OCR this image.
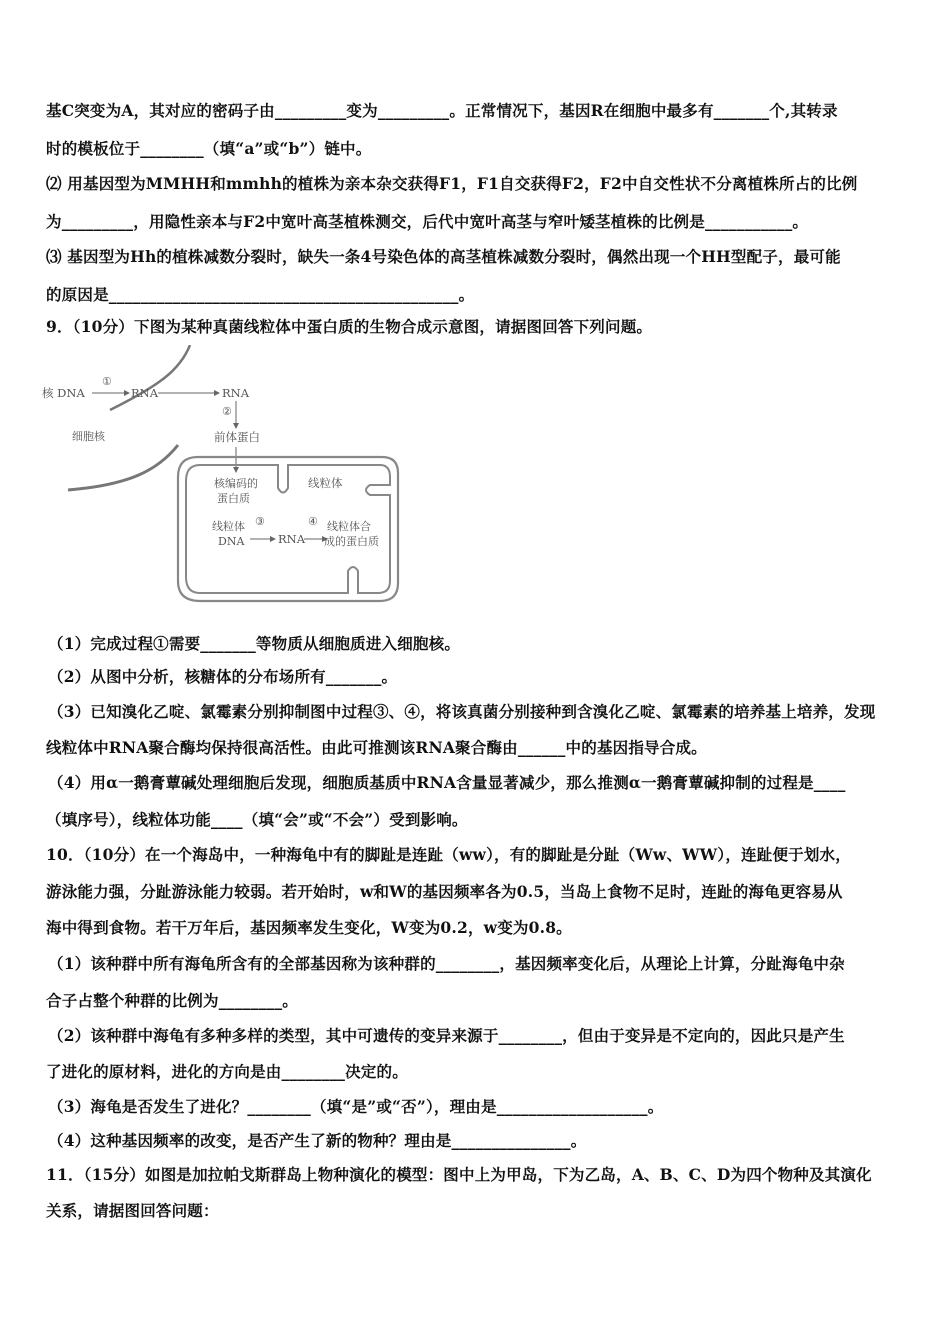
基C突变为A，其对应的密码子由_________变为_________。正常情况下，基因R在细胞中最多有_______个,其转录
时的模板位于________（填“a”或“b”）链中。
⑵ 用基因型为MMHH和mmhh的植株为亲本杂交获得F1，F1自交获得F2，F2中自交性状不分离植株所占的比例
为_________，用隐性亲本与F2中宽叶高茎植株测交，后代中宽叶高茎与窄叶矮茎植株的比例是___________。
⑶ 基因型为Hh的植株减数分裂时，缺失一条4号染色体的高茎植株减数分裂时，偶然出现一个HH型配子，最可能
的原因是____________________________________________。
9．（10分）下图为某种真菌线粒体中蛋白质的生物合成示意图，请据图回答下列问题。
核 DNA
①
RNA	RNA
②
前体蛋白
细胞核
核编码的
蛋白质
线粒体
线粒体
DNA
③
RNA
④ 线粒体合
成的蛋白质
（1）完成过程①需要_______等物质从细胞质进入细胞核。
（2）从图中分析，核糖体的分布场所有_______。
（3）已知溴化乙啶、氯霉素分别抑制图中过程③、④，将该真菌分别接种到含溴化乙啶、氯霉素的培养基上培养，发现
线粒体中RNA聚合酶均保持很高活性。由此可推测该RNA聚合酶由______中的基因指导合成。
（4）用α一鹅膏蕈碱处理细胞后发现，细胞质基质中RNA含量显著减少，那么推测α一鹅膏蕈碱抑制的过程是____
（填序号），线粒体功能____（填“会”或“不会”）受到影响。
10．（10分）在一个海岛中，一种海龟中有的脚趾是连趾（ww），有的脚趾是分趾（Ww、WW），连趾便于划水，
游泳能力强，分趾游泳能力较弱。若开始时，w和W的基因频率各为0.5，当岛上食物不足时，连趾的海龟更容易从
海中得到食物。若干万年后，基因频率发生变化，W变为0.2，w变为0.8。
（1）该种群中所有海龟所含有的全部基因称为该种群的________，基因频率变化后，从理论上计算，分趾海龟中杂
合子占整个种群的比例为________。
（2）该种群中海龟有多种多样的类型，其中可遗传的变异来源于________，但由于变异是不定向的，因此只是产生
了进化的原材料，进化的方向是由________决定的。
（3）海龟是否发生了进化？________（填“是”或“否”），理由是___________________。
（4）这种基因频率的改变，是否产生了新的物种？理由是_______________。
11．（15分）如图是加拉帕戈斯群岛上物种演化的模型：图中上为甲岛，下为乙岛，A、B、C、D为四个物种及其演化
关系，请据图回答问题：
